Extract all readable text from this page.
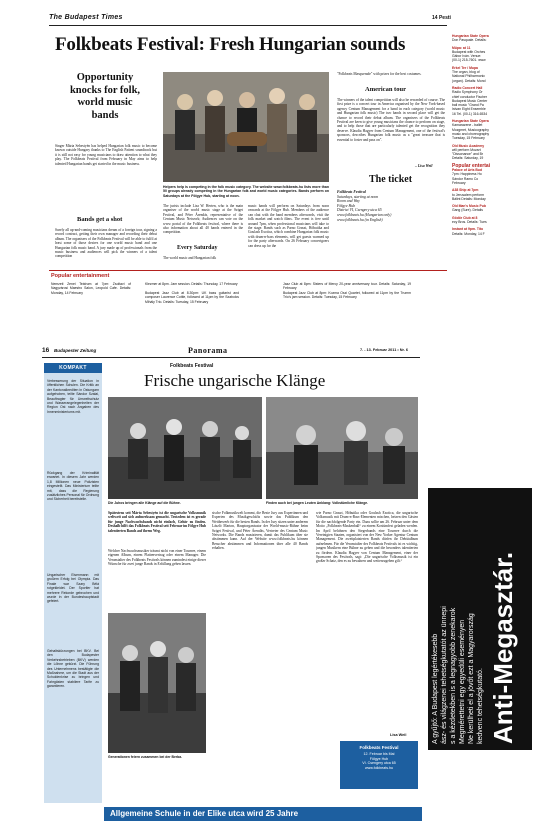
The Budapest Times	14 Pesti
Folkbeats Festival: Fresh Hungarian sounds
Opportunity knocks for folk, world music bands
Singer Mária Sebestyén has helped Hungarian folk music to become known outside Hungary thanks to The English Patient soundtrack but it is still not easy for young musicians to draw attention to what they play. The Folkbeats Festival from February in May aims to help talented Hungarian bands get started in the music business.
Bands get a shot
Surely all up-and-coming musicians dream of a foreign tour, signing a record contract, getting their own manager and recording their debut album. The organisers of the Folkbeats Festival will be able to fulfil at least some of those desires for one world music band and one Hungarian folk music band. A jury made up of professionals from the music business and audiences will pick the winners of a talent competition
Helpers help is competing in the folk music category. The website www.folkbeats.hu lists more than 50 groups already competing in the Hungarian folk and world music categories. Bands perform on Saturdays at the Fölgye Hub, starting at noon.
The jurists include Lisa W. Herten, who is the main organiser of the world music stage at the Sziget Festival, and Péter Árendás, representative of the Centum Music Network; Audiences can vote on the www portal of the Folkbeats festival, where there is also information about all 40 bands entered in the competition.
Every Saturday
The world music and Hungarian folk
music bands will perform on Saturdays from noon onwards at the Fölgye Hub. Members of the audience can chat with the band members afterwards, visit the folk market and watch films. The event is free until around 7pm, when professional musicians will take to the stage. Bands such as Parno Graszt, Hóbutika and Goulash Exotica, which combine Hungarian folk music with drum-n-bass elements, will get guests warmed up for the party afterwards. On 26 February concertgoers can dress up for the
"Folkbeats Masquerade" with prizes for the best costumes.
American tour
The winners of the talent competition will also be rewarded of course. The first prize is a concert tour in America organised by the New York-based agency Centum Management for a band in each category (world music and Hungarian folk music) The two bands in second place will get the chance to record their debut album. The organisers of the Folkbeats Festival are keen to give young musicians the chance to perform on stage, and to help those that are particularly talented get the recognition they deserve. Klaudia Hagyer from Centum Management, one of the festival's sponsors, describes Hungarian folk music as a "great treasure that is essential to foster and pass on".
– Lisa Weil
The ticket
Folkbeats Festival
Saturdays, starting at noon
Room and Way
Fölgye Hub
District VI, Csengery utca 65
www.folkbeats.hu (Hungarian only)
www.folkbeats.hu (in English)
Popular entertainment
Nemzeti Zenei Teátrum at 7pm: Zsoltavi of Nagyvárosi Maestro Salon, Leopold Cafe. Details: Monday, 14 February
Klezmer at 8pm. Jam session. Details: Thursday, 17 February
Budapest Jazz Club at 8.30pm: UK bass guitarist and composer Laurence Cottle, followed at 11pm by the Szabolcs Mihály Trio. Details: Tuesday, 15 February
Jazz Club at 8pm: Sisters of Mercy 20-year anniversary tour. Details: Saturday, 19 February
Budapest Jazz Club at 8pm: Kozma Oszi Quartet, followed at 11pm by the Trumm Trio's jam session. Details: Tuesday, 15 February
Hungarian State Opera
Don Pasquale. Details:
Müpa: at 11
Budapest with Orches
Gábor Iván. Venue:
(00-1) 215-7601. www
Erkel Ter / Mupa
The organ, blog of
National Philharmonic
(organ). Details: Mond
Radio Concert Hall
Radio Symphony Or
chief conductor Fischer
Budapest Music Center
ball music "Grand Pa
Istvan Eight Ensemble
16 Tel. (00-1) 316-6534
Hungarian State Opera
Kamarazene - ballet
Mozgmet, Musicography
music and choreography
Tuesday, 15 February
Old Music Academy
will perform Mozart
"Dissonance" and Br
Details: Saturday, 19
Popular entertai
Palace of Arts Bud
7pm: Happiness Ho
Sándor Ramo Co
February
A38 Ship at 7pm
to Jerusalem perform
Bálint Details: Monday
Old Man's Music Pub
Gang (Sure). Details
Gödör Club at 8
ecy Bros. Details: Tues
Instant at 9pm. Tito
Details: Monday, 14 F
16 Budapester Zeitung	Panorama	7. - 13. Februar 2011 • Nr. 6
KOMPAKT
Verbesserung der Situation in öffentlichen Schulen. Die Kritik an der Kantonalkrediten in Ostungarn aufgehoben, teilte Sándor Szalai, Beauftragter für Umweltschutz und Wasserangelegenheiten der Region Ost nach Angaben des Innenministeriums mit.
Rückgang der Kriminalität erwartet. In diesem Jahr werden 1,8 Millionen neue Polizisten eingestellt. Das Ministerium teilte mit, dass die Regierung zusätzliches Personal für Ordnung und Sicherheit bereitstelle.
Ungarischer Eisenmann mit großem Erfolg bei Olympia. Das Finale war Szary Bélá rotgekleidet. Der Sportler hat mehrere Rekorde gebrochen und wurde in der Bundeshauptstadt gefeiert.
Gehaltskürzungen bei BKV. Bei den Budapester Verkehrsbetrieben (BKV) werden die Löhne gekürzt. Die Führung des Unternehmens bestätigte die Maßnahme, um die Stadt aus der Schuldenkrise zu bringen und Fahrgästen stabilere Tarife zu garantieren.
Folkbeats Festival
Frische ungarische Klänge
Die Juhos bringen alle Klänge auf die Bühne.	Finden auch bei jungen Leuten Anklang: Volkstümliche Klänge.
Spätestens seit Márta Sebestyén ist die ungarische Volksmusik weltweit auf sich aufmerksam gemacht. Trotzdem ist es gerade für junge Nachwuchsbands nicht einfach, Gehör zu finden. Deshalb hilft das Folkbeats Festival seit Februar im Fölgye Hub talentierten Bands auf ihrem Weg.
Welcher Nachwuchsmusiker träumt nicht von einer Tournee, einem eigenen Album, einem Plattenvertrag oder einem Manager. Die Veranstalter des Folkbeats Festivals können zumindest einige dieser Wünsche für zwei junge Bands in Erfüllung gehen lassen.
Generationen feiern zusammen bei der Berba.
sische Folkmusikwelt kommt, die Beste Jury aus Expertinnen und Experten des Musikgeschäfts sowie das Publikum den Wettbewerb für die besten Bands. In der Jury sitzen unter anderem László Marton, Hauptorganisator der World-music-Bühne beim Sziget Festival, und Péter Árendás, Vertreter des Centum Music Networks. Die Bands musizieren, damit das Publikum über sie abstimmen kann. Auf der Website www.folkbeats.hu können Besucher abstimmen und Informationen über alle 40 Bands erhalten.
wie Parno Graszt, Hóbutika oder Goulash Exotica, die ungarische Volksmusik mit Drum-n-Bass-Elementen mischen, heizen den Gästen für die nachfolgende Party ein. Dazu sollte am 26. Februar unter dem Motto „Folkbeats-Maskenball“ zu einem Kostümfest geladen werden. Im April belohnen den Siegerbands eine Tournee durch die Vereinigten Staaten, organisiert von der New Yorker Agentur Centum Management. Die zweitplatzierten Bands dürfen ihr Debütalbum aufnehmen. Für die Veranstalter des Folkbeats Festivals ist es wichtig, jungen Musikern eine Bühne zu geben und die besonders talentierten zu fördern. Klaudia Hagyer von Centum Management, einer der Sponsoren des Festivals, sagt: „Die ungarische Volksmusik ist ein großer Schatz, den es zu bewahren und weiterzugeben gilt.“
Lisa Weil
Folkbeats Festival
12. Februar bis Mai
Fölgye Hub
VI. Csengery utca 65
www.folkbeats.hu
Allgemeine Schule in der Elike utca wird 25 Jahre
Anti-Megasztár.
A gyűjtő: A Budapest legértékesebb ász- és világzenei tehetségkutatót az ünnepi s a kézdetekben is a legnagyobb zenekarok Megmérettetni egy egyedüli eseményen Ne kerülheti el a jövőt ezt a Magyarország kedvenc tehetségkutató.
